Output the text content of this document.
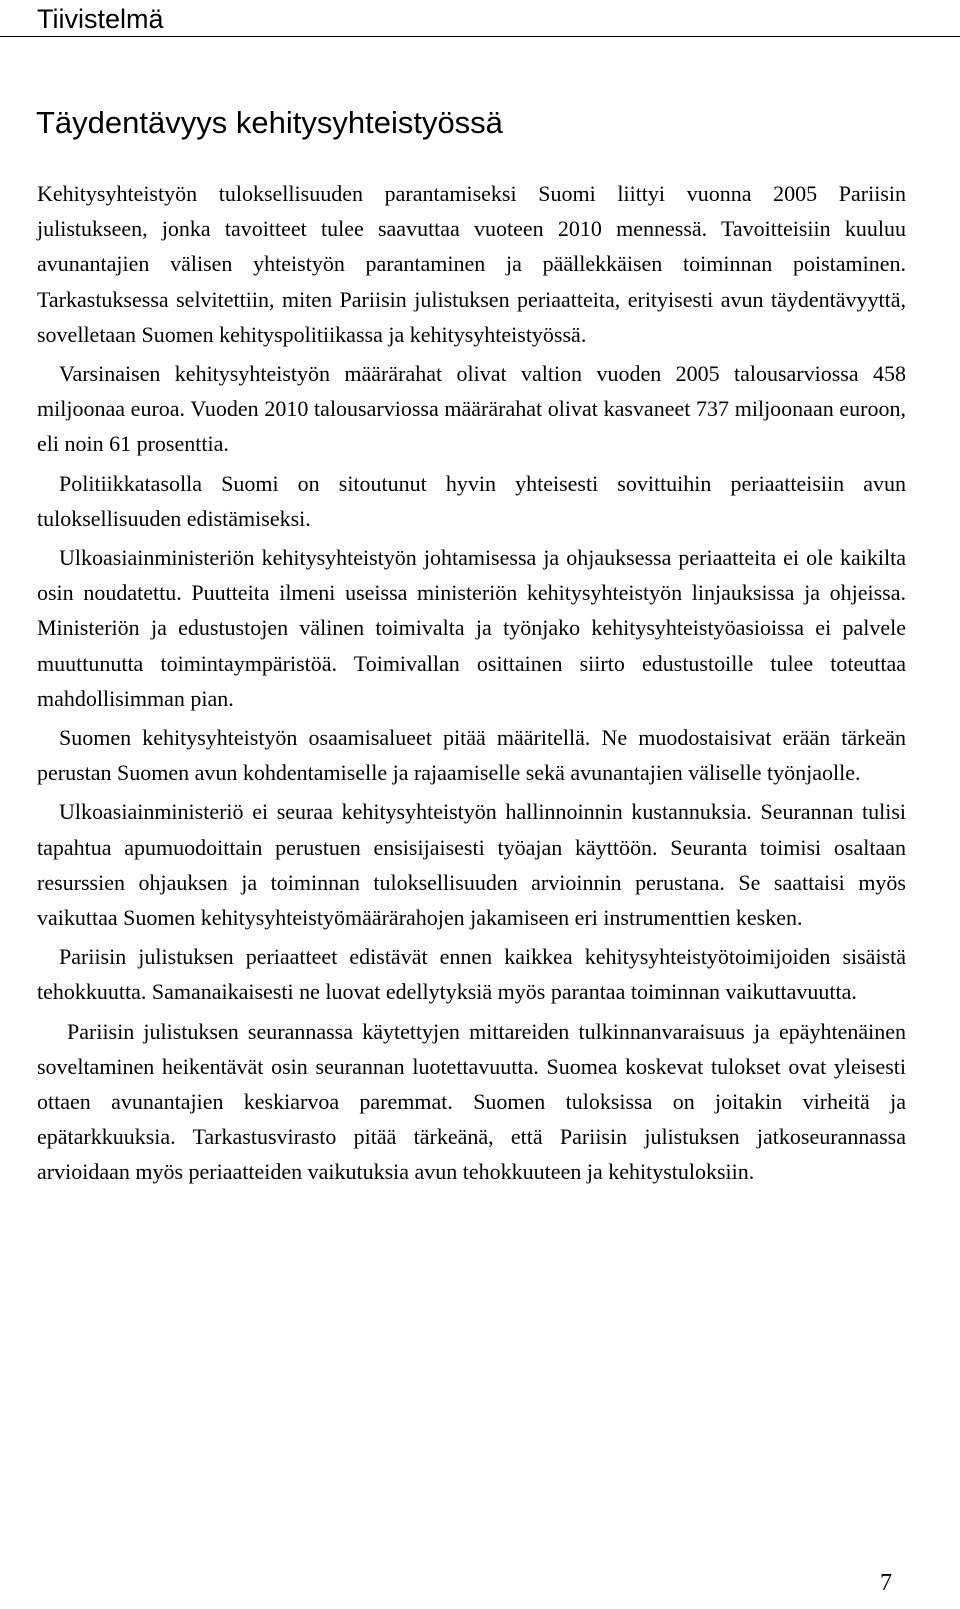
Tiivistelmä
Täydentävyys kehitysyhteistyössä

Kehitysyhteistyön tuloksellisuuden parantamiseksi Suomi liittyi vuonna 2005 Pariisin julistukseen, jonka tavoitteet tulee saavuttaa vuoteen 2010 mennessä. Tavoitteisiin kuuluu avunantajien välisen yhteistyön parantaminen ja päällekkäisen toiminnan poistaminen. Tarkastuksessa selvitettiin, miten Pariisin julistuksen periaatteita, erityisesti avun täydentävyyttä, sovelletaan Suomen kehityspolitiikassa ja kehitysyhteistyössä.

Varsinaisen kehitysyhteistyön määrärahat olivat valtion vuoden 2005 talousarviossa 458 miljoonaa euroa. Vuoden 2010 talousarviossa määrärahat olivat kasvaneet 737 miljoonaan euroon, eli noin 61 prosenttia.

Politiikkatasolla Suomi on sitoutunut hyvin yhteisesti sovittuihin periaatteisiin avun tuloksellisuuden edistämiseksi.

Ulkoasiainministeriön kehitysyhteistyön johtamisessa ja ohjauksessa periaatteita ei ole kaikilta osin noudatettu. Puutteita ilmeni useissa ministeriön kehitysyhteistyön linjauksissa ja ohjeissa. Ministeriön ja edustustojen välinen toimivalta ja työnjako kehitysyhteistyöasioissa ei palvele muuttunutta toimintaympäristöä. Toimivallan osittainen siirto edustustoille tulee toteuttaa mahdollisimman pian.

Suomen kehitysyhteistyön osaamisalueet pitää määritellä. Ne muodostaisivat erään tärkeän perustan Suomen avun kohdentamiselle ja rajaamiselle sekä avunantajien väliselle työnjaolle.

Ulkoasiainministeriö ei seuraa kehitysyhteistyön hallinnoinnin kustannuksia. Seurannan tulisi tapahtua apumuodoittain perustuen ensisijaisesti työajan käyttöön. Seuranta toimisi osaltaan resurssien ohjauksen ja toiminnan tuloksellisuuden arvioinnin perustana. Se saattaisi myös vaikuttaa Suomen kehitysyhteistyömäärärahojen jakamiseen eri instrumenttien kesken.

Pariisin julistuksen periaatteet edistävät ennen kaikkea kehitysyhteistyötoimijoiden sisäistä tehokkuutta. Samanaikaisesti ne luovat edellytyksiä myös parantaa toiminnan vaikuttavuutta.

Pariisin julistuksen seurannassa käytettyjen mittareiden tulkinnanvaraisuus ja epäyhtenäinen soveltaminen heikentävät osin seurannan luotettavuutta. Suomea koskevat tulokset ovat yleisesti ottaen avunantajien keskiarvoa paremmat. Suomen tuloksissa on joitakin virheitä ja epätarkkuuksia. Tarkastusvirasto pitää tärkeänä, että Pariisin julistuksen jatkoseurannassa arvioidaan myös periaatteiden vaikutuksia avun tehokkuuteen ja kehitystuloksiin.

7
